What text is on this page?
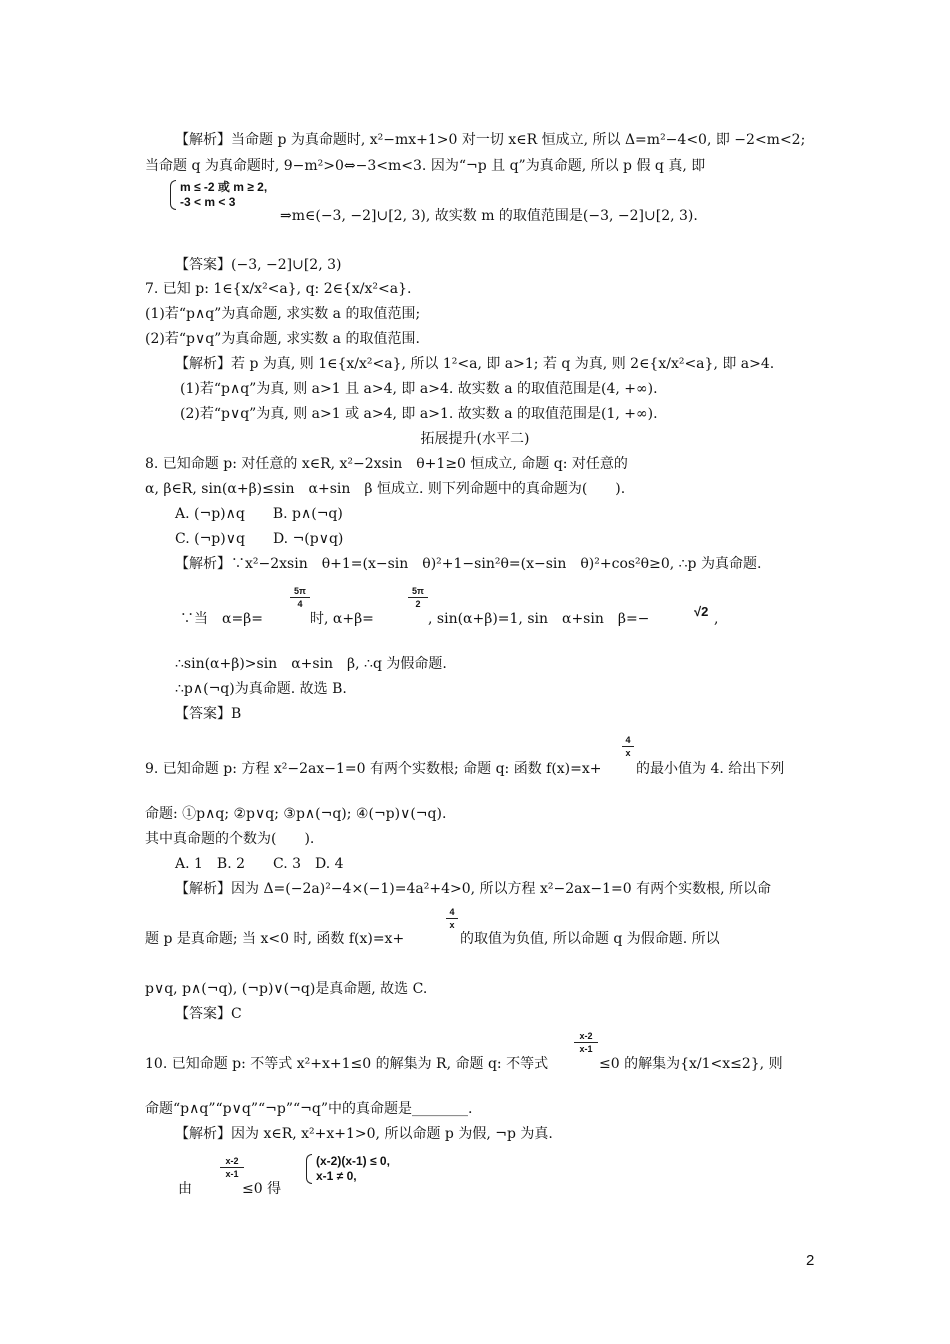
【解析】当命题 p 为真命题时, x²−mx+1>0 对一切 x∈R 恒成立, 所以 Δ=m²−4<0, 即 −2<m<2;
当命题 q 为真命题时, 9−m²>0⇔−3<m<3. 因为“¬p 且 q”为真命题, 所以 p 假 q 真, 即
m ≤ -2 或 m ≥ 2,
-3 < m < 3
⇒m∈(−3, −2]∪[2, 3), 故实数 m 的取值范围是(−3, −2]∪[2, 3).
【答案】(−3, −2]∪[2, 3)
7. 已知 p: 1∈{x/x²<a}, q: 2∈{x/x²<a}.
(1)若“p∧q”为真命题, 求实数 a 的取值范围;
(2)若“p∨q”为真命题, 求实数 a 的取值范围.
【解析】若 p 为真, 则 1∈{x/x²<a}, 所以 1²<a, 即 a>1; 若 q 为真, 则 2∈{x/x²<a}, 即 a>4.
(1)若“p∧q”为真, 则 a>1 且 a>4, 即 a>4. 故实数 a 的取值范围是(4, +∞).
(2)若“p∨q”为真, 则 a>1 或 a>4, 即 a>1. 故实数 a 的取值范围是(1, +∞).
拓展提升(水平二)
8. 已知命题 p: 对任意的 x∈R, x²−2xsin　θ+1≥0 恒成立, 命题 q: 对任意的
α, β∈R, sin(α+β)≤sin　α+sin　β 恒成立. 则下列命题中的真命题为(　　).
A. (¬p)∧q　　B. p∧(¬q)
C. (¬p)∨q　　D. ¬(p∨q)
【解析】∵x²−2xsin　θ+1=(x−sin　θ)²+1−sin²θ=(x−sin　θ)²+cos²θ≥0, ∴p 为真命题.
∵当　α=β=
5π
4
时, α+β=
5π
2
, sin(α+β)=1, sin　α+sin　β=−	√2 ,
∴sin(α+β)>sin　α+sin　β, ∴q 为假命题.
∴p∧(¬q)为真命题. 故选 B.
【答案】B
9. 已知命题 p: 方程 x²−2ax−1=0 有两个实数根; 命题 q: 函数 f(x)=x+
4
x
的最小值为 4. 给出下列
命题: ①p∧q; ②p∨q; ③p∧(¬q); ④(¬p)∨(¬q).
其中真命题的个数为(　　).
A. 1　B. 2　　C. 3　D. 4
【解析】因为 Δ=(−2a)²−4×(−1)=4a²+4>0, 所以方程 x²−2ax−1=0 有两个实数根, 所以命
题 p 是真命题; 当 x<0 时, 函数 f(x)=x+
4
x
的取值为负值, 所以命题 q 为假命题. 所以
p∨q, p∧(¬q), (¬p)∨(¬q)是真命题, 故选 C.
【答案】C
10. 已知命题 p: 不等式 x²+x+1≤0 的解集为 R, 命题 q: 不等式
x-2
x-1
≤0 的解集为{x/1<x≤2}, 则
命题“p∧q”“p∨q”“¬p”“¬q”中的真命题是________.
【解析】因为 x∈R, x²+x+1>0, 所以命题 p 为假, ¬p 为真.
由
x-2
x-1
≤0 得
(x-2)(x-1) ≤ 0,
x-1 ≠ 0,
2
